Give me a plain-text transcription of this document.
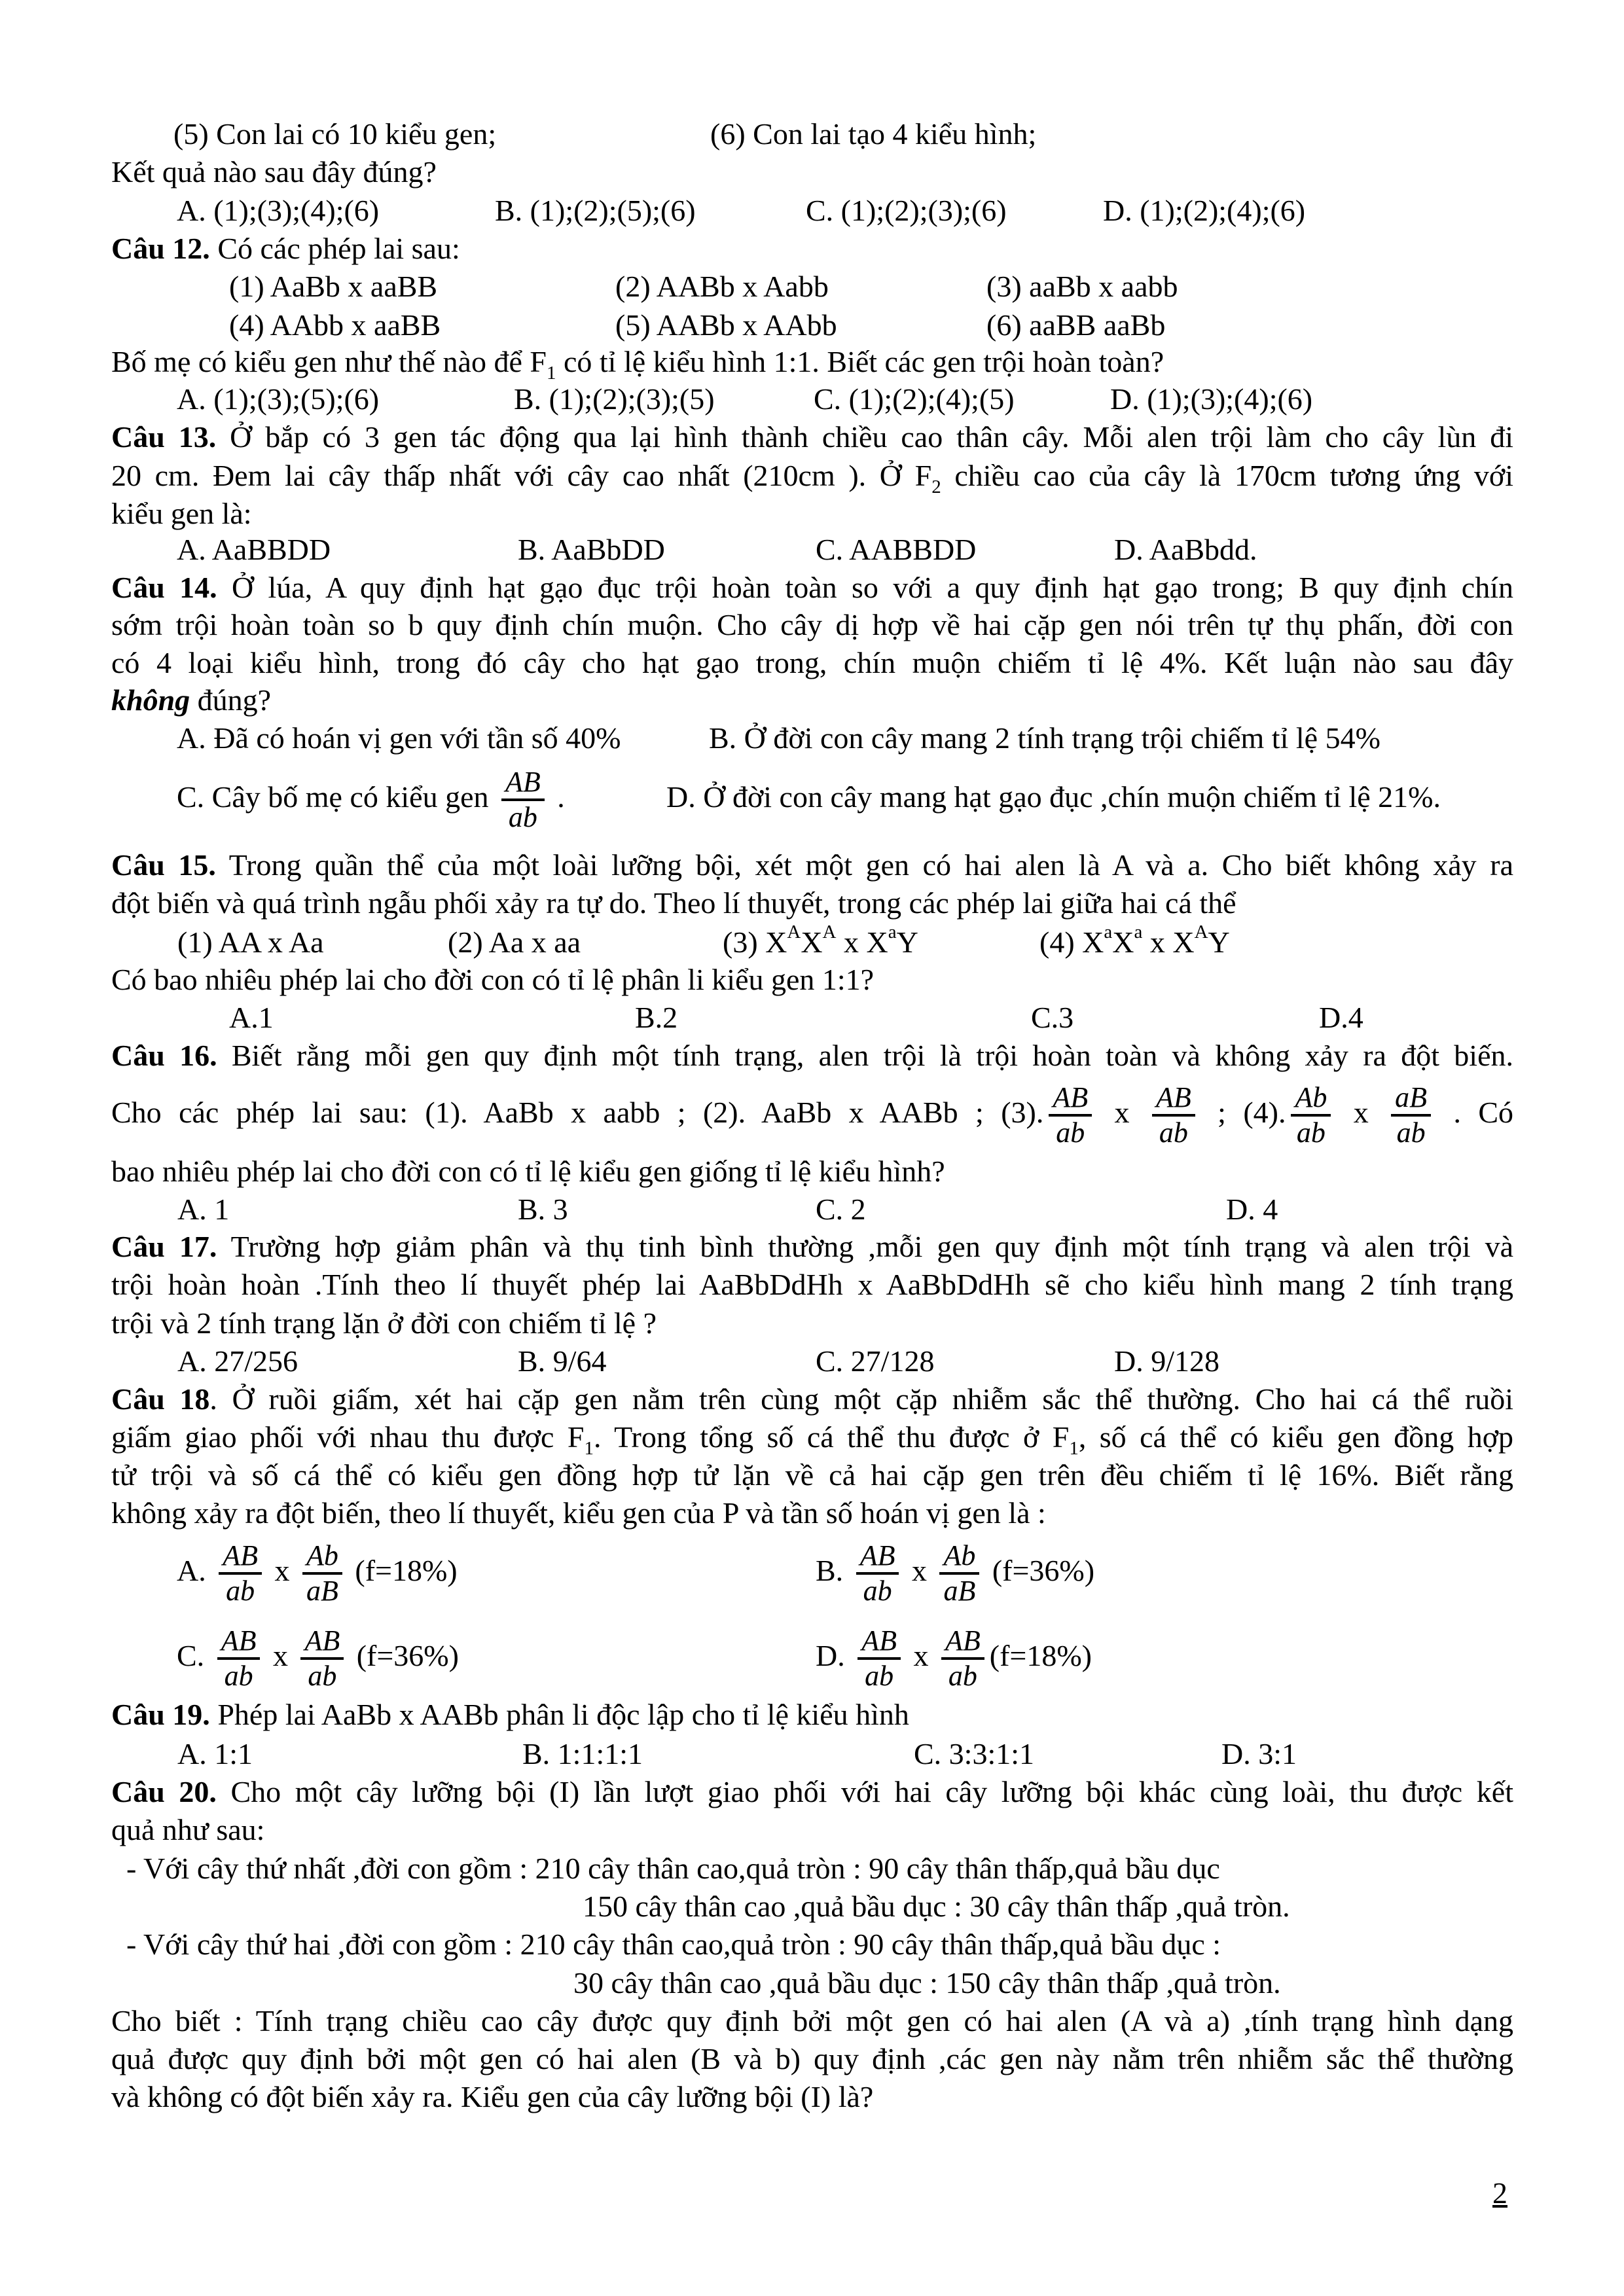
2
(5) Con lai có 10 kiểu gen;	(6) Con lai tạo 4 kiểu hình;
Kết quả nào sau đây đúng?
A. (1);(3);(4);(6)	B. (1);(2);(5);(6)	C. (1);(2);(3);(6)	D. (1);(2);(4);(6)
Câu 12. Có các phép lai sau:
(1) AaBb x aaBB	(2) AABb x Aabb	(3) aaBb x aabb
(4) AAbb x aaBB	(5) AABb x AAbb	(6) aaBB aaBb
Bố mẹ có kiểu gen như thế nào để $F_1$ có tỉ lệ kiểu hình 1:1. Biết các gen trội hoàn toàn?
A. (1);(3);(5);(6)	B. (1);(2);(3);(5)	C. (1);(2);(4);(5)	D. (1);(3);(4);(6)
Câu 13. Ở bắp có 3 gen tác động qua lại hình thành chiều cao thân cây. Mỗi alen trội làm cho cây lùn đi
20 cm. Đem lai cây thấp nhất với cây cao nhất (210cm ). Ở $F_2$ chiều cao của cây là 170cm tương ứng với
kiểu gen là:
A. AaBBDD	B. AaBbDD	C. AABBDD	D. AaBbdd.
Câu 14. Ở lúa, A quy định hạt gạo đục trội hoàn toàn so với a quy định hạt gạo trong; B quy định chín
sớm trội hoàn toàn so b quy định chín muộn. Cho cây dị hợp về hai cặp gen nói trên tự thụ phấn, đời con
có 4 loại kiểu hình, trong đó cây cho hạt gạo trong, chín muộn chiếm tỉ lệ 4%. Kết luận nào sau đây
không đúng?
A. Đã có hoán vị gen với tần số 40%	B. Ở đời con cây mang 2 tính trạng trội chiếm tỉ lệ 54%
C. Cây bố mẹ có kiểu gen $\frac{AB}{ab}$ .	D. Ở đời con cây mang hạt gạo đục ,chín muộn chiếm tỉ lệ 21%.
Câu 15. Trong quần thể của một loài lưỡng bội, xét một gen có hai alen là A và a. Cho biết không xảy ra
đột biến và quá trình ngẫu phối xảy ra tự do. Theo lí thuyết, trong các phép lai giữa hai cá thể
(1) AA x Aa	(2) Aa x aa	(3) $X^AX^A$ x $X^aY$	(4) $X^aX^a$ x $X^AY$
Có bao nhiêu phép lai cho đời con có tỉ lệ phân li kiểu gen 1:1?
A.1	B.2	C.3	D.4
Câu 16. Biết rằng mỗi gen quy định một tính trạng, alen trội là trội hoàn toàn và không xảy ra đột biến.
Cho các phép lai sau: (1). AaBb x aabb ; (2). AaBb x AABb ; (3). $\frac{AB}{ab}$ x $\frac{AB}{ab}$ ; (4). $\frac{Ab}{ab}$ x $\frac{aB}{ab}$ . Có
bao nhiêu phép lai cho đời con có tỉ lệ kiểu gen giống tỉ lệ kiểu hình?
A. 1	B. 3	C. 2	D. 4
Câu 17. Trường hợp giảm phân và thụ tinh bình thường ,mỗi gen quy định một tính trạng và alen trội và
trội hoàn hoàn .Tính theo lí thuyết phép lai AaBbDdHh x AaBbDdHh sẽ cho kiểu hình mang 2 tính trạng
trội và 2 tính trạng lặn ở đời con chiếm tỉ lệ ?
A. 27/256	B. 9/64	C. 27/128	D. 9/128
Câu 18. Ở ruồi giấm, xét hai cặp gen nằm trên cùng một cặp nhiễm sắc thể thường. Cho hai cá thể ruồi
giấm giao phối với nhau thu được $F_1$. Trong tổng số cá thể thu được ở $F_1$, số cá thể có kiểu gen đồng hợp
tử trội và số cá thể có kiểu gen đồng hợp tử lặn về cả hai cặp gen trên đều chiếm tỉ lệ 16%. Biết rằng
không xảy ra đột biến, theo lí thuyết, kiểu gen của P và tần số hoán vị gen là :
A. $\frac{AB}{ab}$ x $\frac{Ab}{aB} (f=18\%)$	B. $\frac{AB}{ab}$ x $\frac{Ab}{aB} (f=36\%)$
C. $\frac{AB}{ab}$ x $\frac{AB}{ab} (f=36\%)$	D. $\frac{AB}{ab}$ x $\frac{AB}{ab} (f=18\%)$
Câu 19. Phép lai AaBb x AABb phân li độc lập cho tỉ lệ kiểu hình
A. 1:1	B. 1:1:1:1	C. 3:3:1:1	D. 3:1
Câu 20. Cho một cây lưỡng bội (I) lần lượt giao phối với hai cây lưỡng bội khác cùng loài, thu được kết
quả như sau:
- Với cây thứ nhất ,đời con gồm : 210 cây thân cao,quả tròn : 90 cây thân thấp,quả bầu dục
150 cây thân cao ,quả bầu dục : 30 cây thân thấp ,quả tròn.
- Với cây thứ hai ,đời con gồm : 210 cây thân cao,quả tròn : 90 cây thân thấp,quả bầu dục :
30 cây thân cao ,quả bầu dục : 150 cây thân thấp ,quả tròn.
Cho biết : Tính trạng chiều cao cây được quy định bởi một gen có hai alen (A và a) ,tính trạng hình dạng
quả được quy định bởi một gen có hai alen (B và b) quy định ,các gen này nằm trên nhiễm sắc thể thường
và không có đột biến xảy ra. Kiểu gen của cây lưỡng bội (I) là?
